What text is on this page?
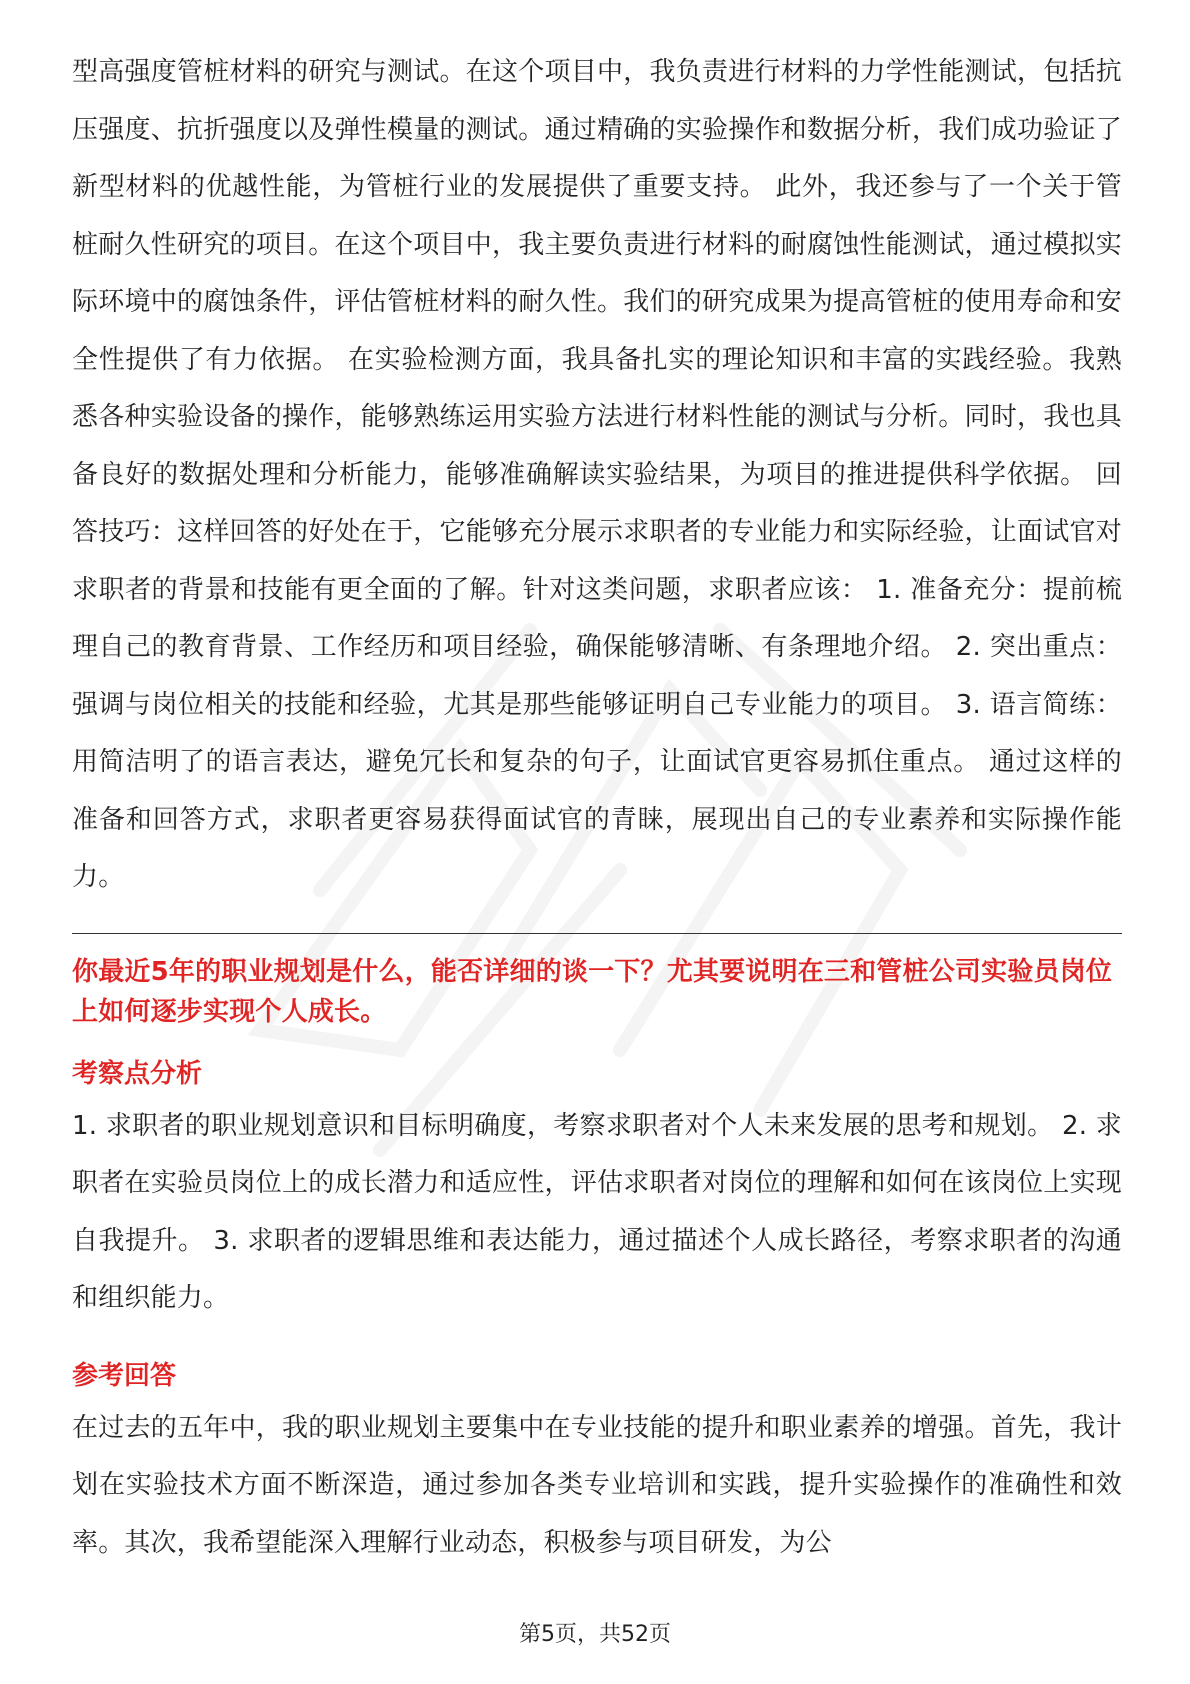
型高强度管桩材料的研究与测试。在这个项目中，我负责进行材料的力学性能测试，包括抗压强度、抗折强度以及弹性模量的测试。通过精确的实验操作和数据分析，我们成功验证了新型材料的优越性能，为管桩行业的发展提供了重要支持。 此外，我还参与了一个关于管桩耐久性研究的项目。在这个项目中，我主要负责进行材料的耐腐蚀性能测试，通过模拟实际环境中的腐蚀条件，评估管桩材料的耐久性。我们的研究成果为提高管桩的使用寿命和安全性提供了有力依据。 在实验检测方面，我具备扎实的理论知识和丰富的实践经验。我熟悉各种实验设备的操作，能够熟练运用实验方法进行材料性能的测试与分析。同时，我也具备良好的数据处理和分析能力，能够准确解读实验结果，为项目的推进提供科学依据。 回答技巧：这样回答的好处在于，它能够充分展示求职者的专业能力和实际经验，让面试官对求职者的背景和技能有更全面的了解。针对这类问题，求职者应该： 1. 准备充分：提前梳理自己的教育背景、工作经历和项目经验，确保能够清晰、有条理地介绍。 2. 突出重点：强调与岗位相关的技能和经验，尤其是那些能够证明自己专业能力的项目。 3. 语言简练：用简洁明了的语言表达，避免冗长和复杂的句子，让面试官更容易抓住重点。 通过这样的准备和回答方式，求职者更容易获得面试官的青睐，展现出自己的专业素养和实际操作能力。

你最近5年的职业规划是什么，能否详细的谈一下？尤其要说明在三和管桩公司实验员岗位上如何逐步实现个人成长。

考察点分析

1. 求职者的职业规划意识和目标明确度，考察求职者对个人未来发展的思考和规划。 2. 求职者在实验员岗位上的成长潜力和适应性，评估求职者对岗位的理解和如何在该岗位上实现自我提升。 3. 求职者的逻辑思维和表达能力，通过描述个人成长路径，考察求职者的沟通和组织能力。

参考回答

在过去的五年中，我的职业规划主要集中在专业技能的提升和职业素养的增强。首先，我计划在实验技术方面不断深造，通过参加各类专业培训和实践，提升实验操作的准确性和效率。其次，我希望能深入理解行业动态，积极参与项目研发，为公

第5页，共52页
